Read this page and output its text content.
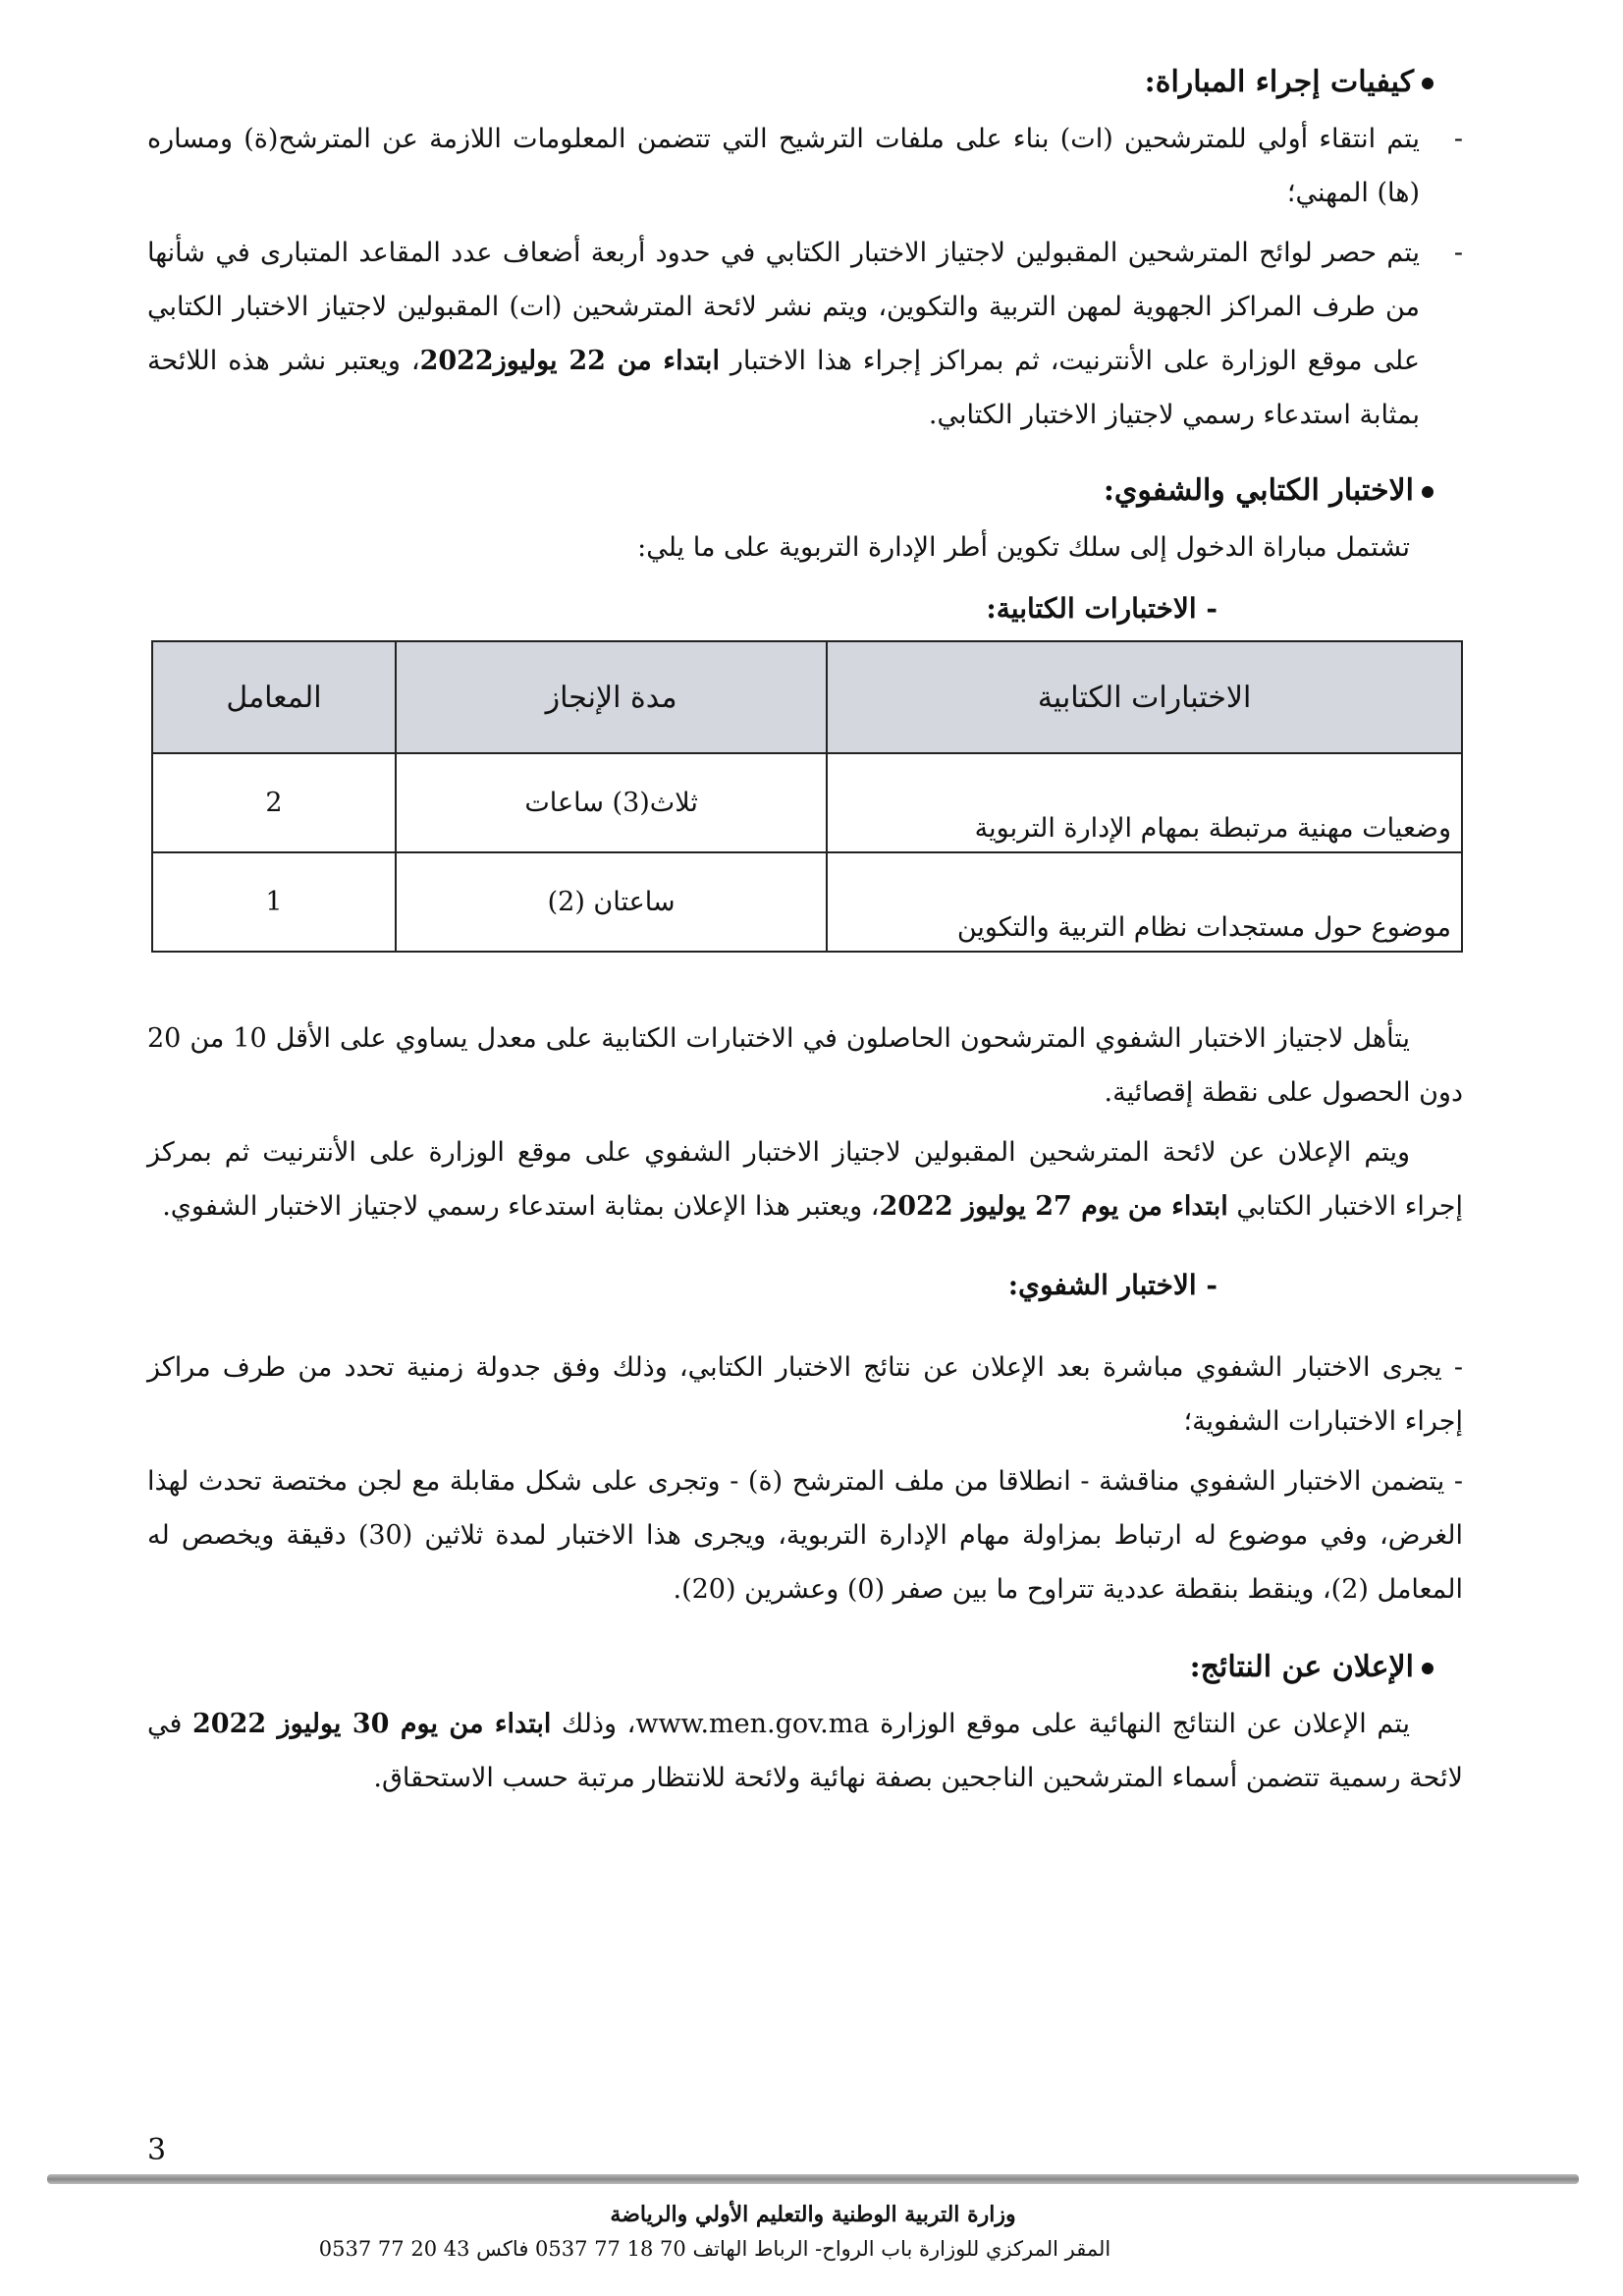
كيفيات إجراء المباراة:

- يتم انتقاء أولي للمترشحين (ات) بناء على ملفات الترشيح التي تتضمن المعلومات اللازمة عن المترشح(ة) ومساره (ها) المهني؛

- يتم حصر لوائح المترشحين المقبولين لاجتياز الاختبار الكتابي في حدود أربعة أضعاف عدد المقاعد المتبارى في شأنها من طرف المراكز الجهوية لمهن التربية والتكوين، ويتم نشر لائحة المترشحين (ات) المقبولين لاجتياز الاختبار الكتابي على موقع الوزارة على الأنترنيت، ثم بمراكز إجراء هذا الاختبار ابتداء من 22 يوليوز2022، ويعتبر نشر هذه اللائحة بمثابة استدعاء رسمي لاجتياز الاختبار الكتابي.

الاختبار الكتابي والشفوي:

تشتمل مباراة الدخول إلى سلك تكوين أطر الإدارة التربوية على ما يلي:

- الاختبارات الكتابية:
الاختبارات الكتابية	مدة الإنجاز	المعامل
وضعيات مهنية مرتبطة بمهام الإدارة التربوية	ثلاث(3) ساعات	2
موضوع حول مستجدات نظام التربية والتكوين	ساعتان (2)	1

يتأهل لاجتياز الاختبار الشفوي المترشحون الحاصلون في الاختبارات الكتابية على معدل يساوي على الأقل 10 من 20 دون الحصول على نقطة إقصائية.

ويتم الإعلان عن لائحة المترشحين المقبولين لاجتياز الاختبار الشفوي على موقع الوزارة على الأنترنيت ثم بمركز إجراء الاختبار الكتابي ابتداء من يوم 27 يوليوز 2022، ويعتبر هذا الإعلان بمثابة استدعاء رسمي لاجتياز الاختبار الشفوي.

- الاختبار الشفوي:

- يجرى الاختبار الشفوي مباشرة بعد الإعلان عن نتائج الاختبار الكتابي، وذلك وفق جدولة زمنية تحدد من طرف مراكز إجراء الاختبارات الشفوية؛

- يتضمن الاختبار الشفوي مناقشة - انطلاقا من ملف المترشح (ة) - وتجرى على شكل مقابلة مع لجن مختصة تحدث لهذا الغرض، وفي موضوع له ارتباط بمزاولة مهام الإدارة التربوية، ويجرى هذا الاختبار لمدة ثلاثين (30) دقيقة ويخصص له المعامل (2)، وينقط بنقطة عددية تتراوح ما بين صفر (0) وعشرين (20).

الإعلان عن النتائج:

يتم الإعلان عن النتائج النهائية على موقع الوزارة www.men.gov.ma، وذلك ابتداء من يوم 30 يوليوز 2022 في لائحة رسمية تتضمن أسماء المترشحين الناجحين بصفة نهائية ولائحة للانتظار مرتبة حسب الاستحقاق.

3
وزارة التربية الوطنية والتعليم الأولي والرياضة
المقر المركزي للوزارة باب الرواح- الرباط الهاتف 70 18 77 0537 فاكس 43 20 77 0537
